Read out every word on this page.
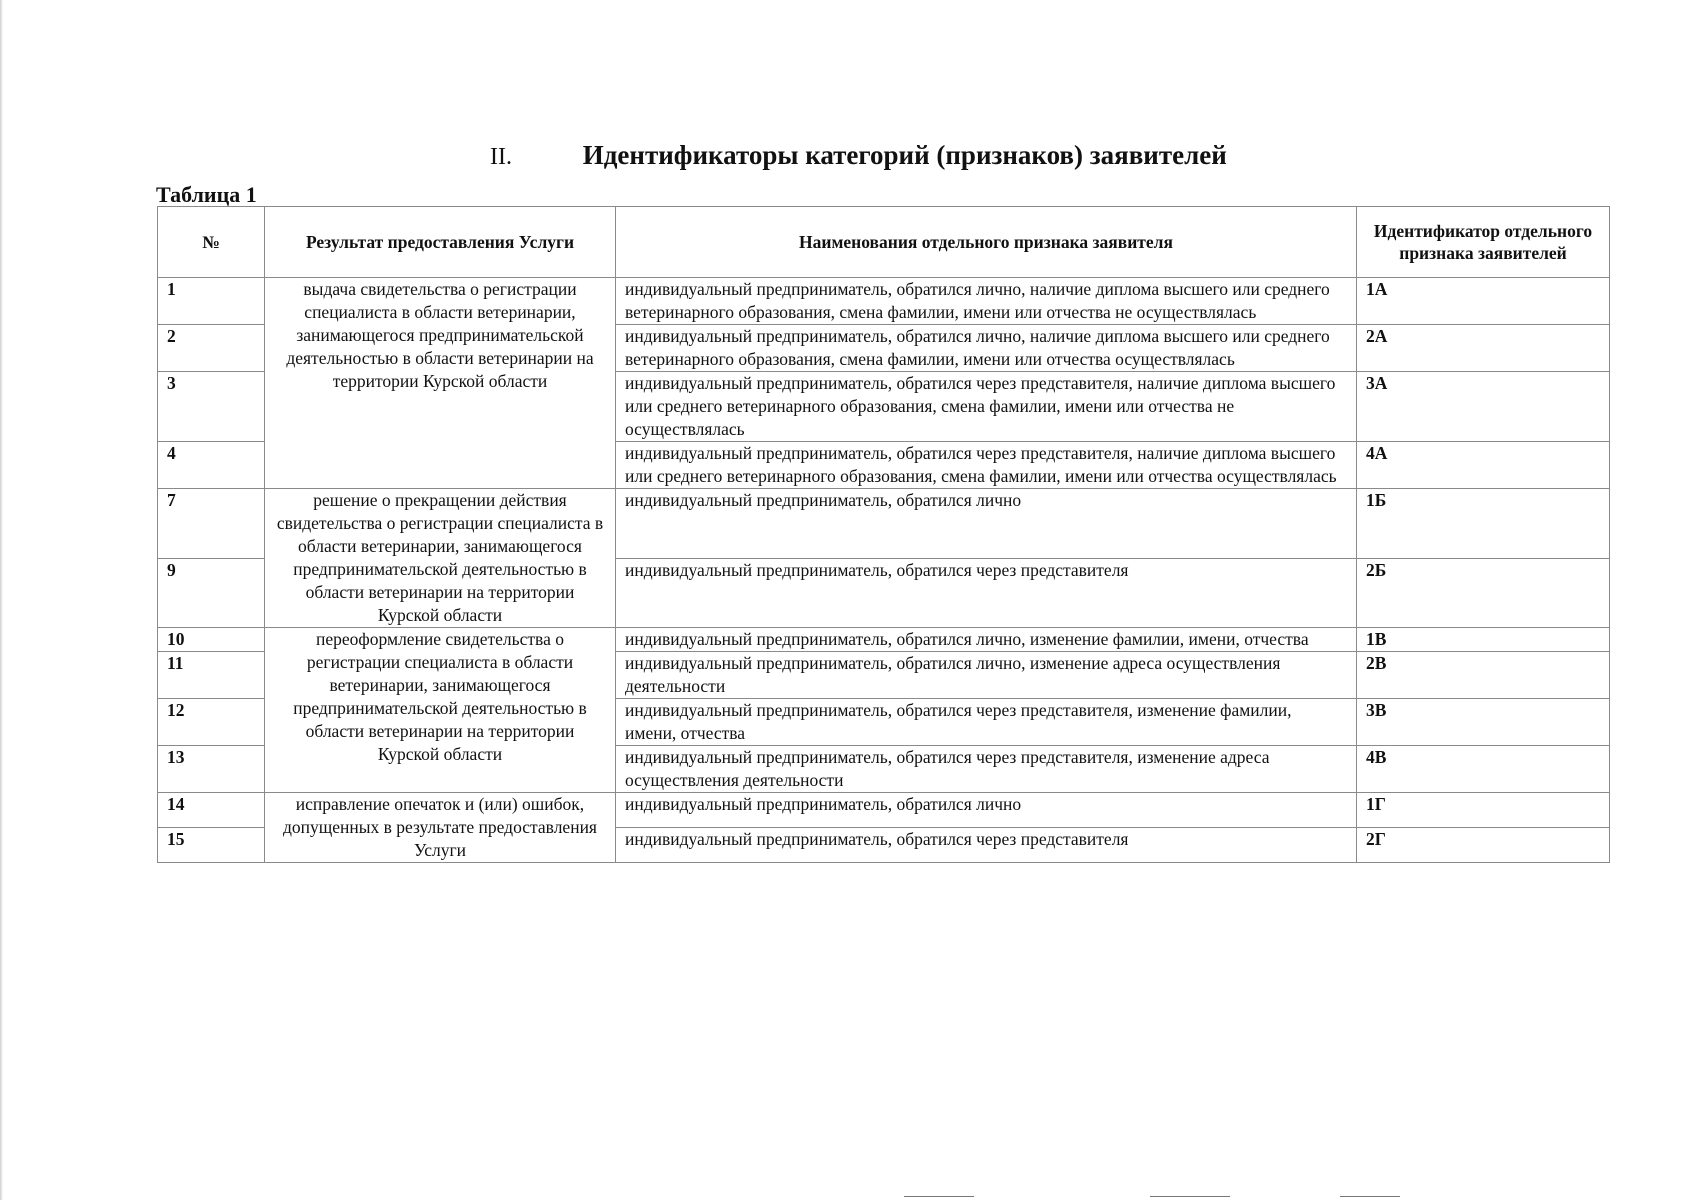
II.	Идентификаторы категорий (признаков) заявителей
Таблица 1
№	Результат предоставления Услуги	Наименования отдельного признака заявителя	Идентификатор отдельного признака заявителей
1	выдача свидетельства о регистрации специалиста в области ветеринарии, занимающегося предпринимательской деятельностью в области ветеринарии на территории Курской области	индивидуальный предприниматель, обратился лично, наличие диплома высшего или среднего ветеринарного образования, смена фамилии, имени или отчества не осуществлялась	1А
2		индивидуальный предприниматель, обратился лично, наличие диплома высшего или среднего ветеринарного образования, смена фамилии, имени или отчества осуществлялась	2А
3		индивидуальный предприниматель, обратился через представителя, наличие диплома высшего или среднего ветеринарного образования, смена фамилии, имени или отчества не осуществлялась	3А
4		индивидуальный предприниматель, обратился через представителя, наличие диплома высшего или среднего ветеринарного образования, смена фамилии, имени или отчества осуществлялась	4А
7	решение о прекращении действия свидетельства о регистрации специалиста в области ветеринарии, занимающегося предпринимательской деятельностью в области ветеринарии на территории Курской области	индивидуальный предприниматель, обратился лично	1Б
9		индивидуальный предприниматель, обратился через представителя	2Б
10	переоформление свидетельства о регистрации специалиста в области ветеринарии, занимающегося предпринимательской деятельностью в области ветеринарии на территории Курской области	индивидуальный предприниматель, обратился лично, изменение фамилии, имени, отчества	1В
11		индивидуальный предприниматель, обратился лично, изменение адреса осуществления деятельности	2В
12		индивидуальный предприниматель, обратился через представителя, изменение фамилии, имени, отчества	3В
13		индивидуальный предприниматель, обратился через представителя, изменение адреса осуществления деятельности	4В
14	исправление опечаток и (или) ошибок, допущенных в результате предоставления Услуги	индивидуальный предприниматель, обратился лично	1Г
15		индивидуальный предприниматель, обратился через представителя	2Г
